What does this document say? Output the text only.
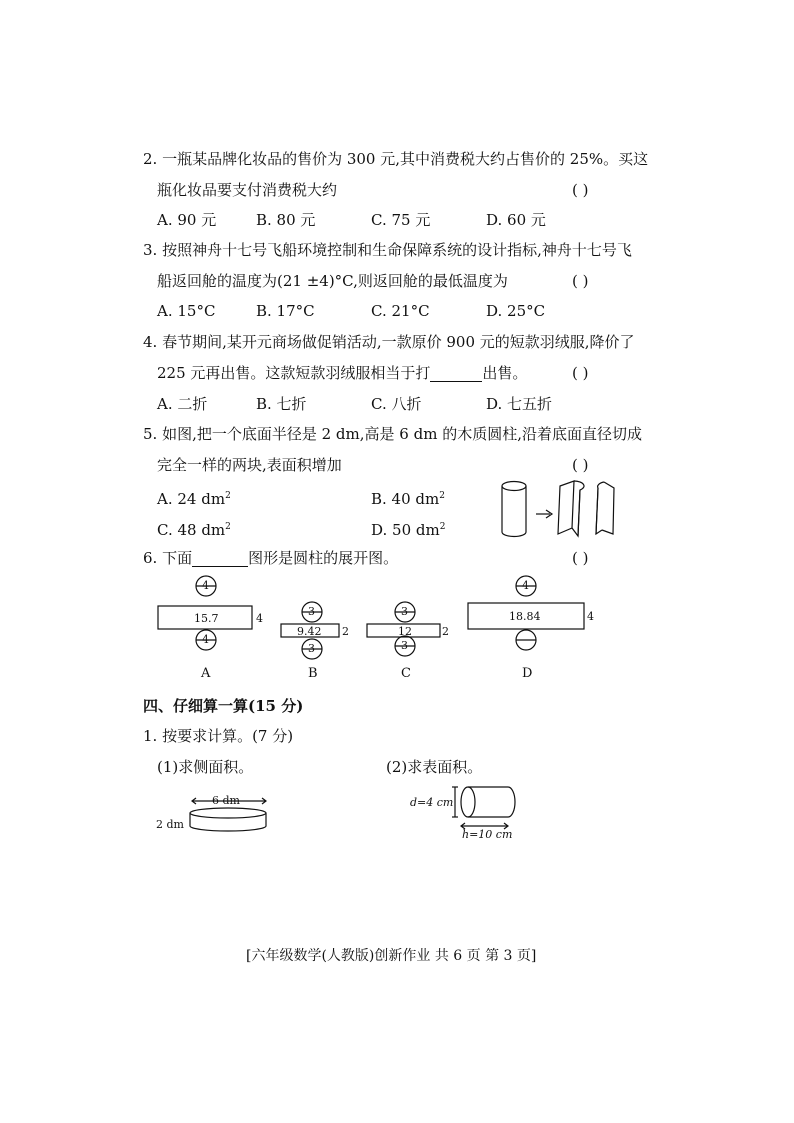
2. 一瓶某品牌化妆品的售价为 300 元,其中消费税大约占售价的 25%。买这
瓶化妆品要支付消费税大约	( )
A. 90 元	B. 80 元	C. 75 元	D. 60 元
3. 按照神舟十七号飞船环境控制和生命保障系统的设计指标,神舟十七号飞
船返回舱的温度为(21 ±4)°C,则返回舱的最低温度为	( )
A. 15°C	B. 17°C	C. 21°C	D. 25°C
4. 春节期间,某开元商场做促销活动,一款原价 900 元的短款羽绒服,降价了
225 元再出售。这款短款羽绒服相当于打	出售。	( )
A. 二折	B. 七折	C. 八折	D. 七五折
5. 如图,把一个底面半径是 2 dm,高是 6 dm 的木质圆柱,沿着底面直径切成
完全一样的两块,表面积增加	( )
A. 24 $dm^2$	B. 40 $dm^2$
C. 48 $dm^2$	D. 50 $dm^2$
6. 下面	图形是圆柱的展开图。	( )
4
15.7
4
4
A
3
9.42
3
2
B
3
12
3
2
C
4
18.84	4
D
四、仔细算一算(15 分)
1. 按要求计算。(7 分)
(1)求侧面积。	(2)求表面积。
6 dm
2 dm
d=4 cm
h=10 cm
[六年级数学(人教版)创新作业 共 6 页 第 3 页]
